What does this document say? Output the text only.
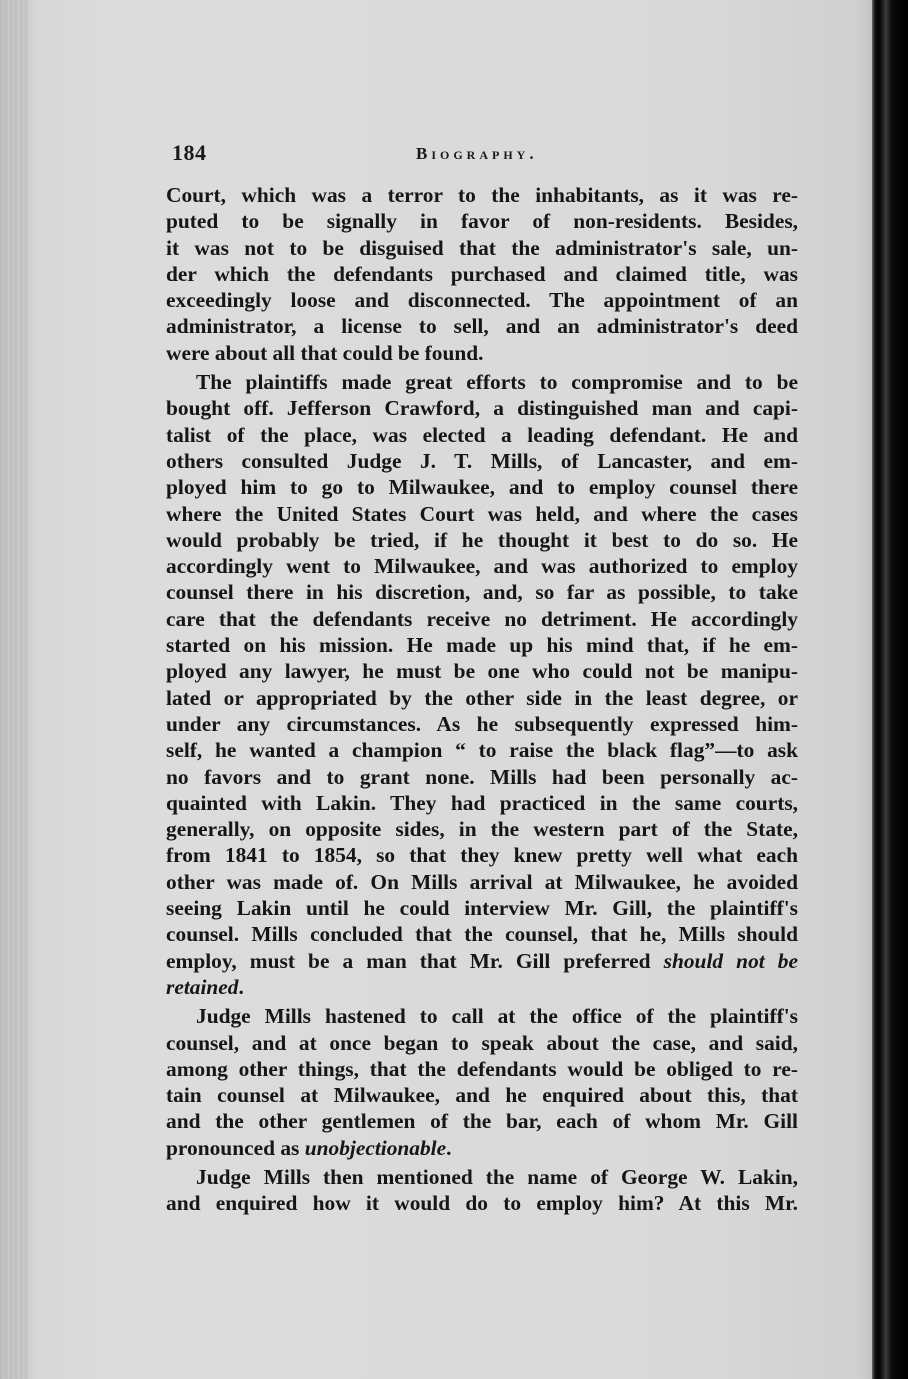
184	Biography.

Court, which was a terror to the inhabitants, as it was re-
puted to be signally in favor of non-residents. Besides,
it was not to be disguised that the administrator's sale, un-
der which the defendants purchased and claimed title, was
exceedingly loose and disconnected. The appointment of an
administrator, a license to sell, and an administrator's deed
were about all that could be found.

The plaintiffs made great efforts to compromise and to be
bought off. Jefferson Crawford, a distinguished man and capi-
talist of the place, was elected a leading defendant. He and
others consulted Judge J. T. Mills, of Lancaster, and em-
ployed him to go to Milwaukee, and to employ counsel there
where the United States Court was held, and where the cases
would probably be tried, if he thought it best to do so. He
accordingly went to Milwaukee, and was authorized to employ
counsel there in his discretion, and, so far as possible, to take
care that the defendants receive no detriment. He accordingly
started on his mission. He made up his mind that, if he em-
ployed any lawyer, he must be one who could not be manipu-
lated or appropriated by the other side in the least degree, or
under any circumstances. As he subsequently expressed him-
self, he wanted a champion “ to raise the black flag”—to ask
no favors and to grant none. Mills had been personally ac-
quainted with Lakin. They had practiced in the same courts,
generally, on opposite sides, in the western part of the State,
from 1841 to 1854, so that they knew pretty well what each
other was made of. On Mills arrival at Milwaukee, he avoided
seeing Lakin until he could interview Mr. Gill, the plaintiff's
counsel. Mills concluded that the counsel, that he, Mills should
employ, must be a man that Mr. Gill preferred should not be
retained.

Judge Mills hastened to call at the office of the plaintiff's
counsel, and at once began to speak about the case, and said,
among other things, that the defendants would be obliged to re-
tain counsel at Milwaukee, and he enquired about this, that
and the other gentlemen of the bar, each of whom Mr. Gill
pronounced as unobjectionable.

Judge Mills then mentioned the name of George W. Lakin,
and enquired how it would do to employ him? At this Mr.
